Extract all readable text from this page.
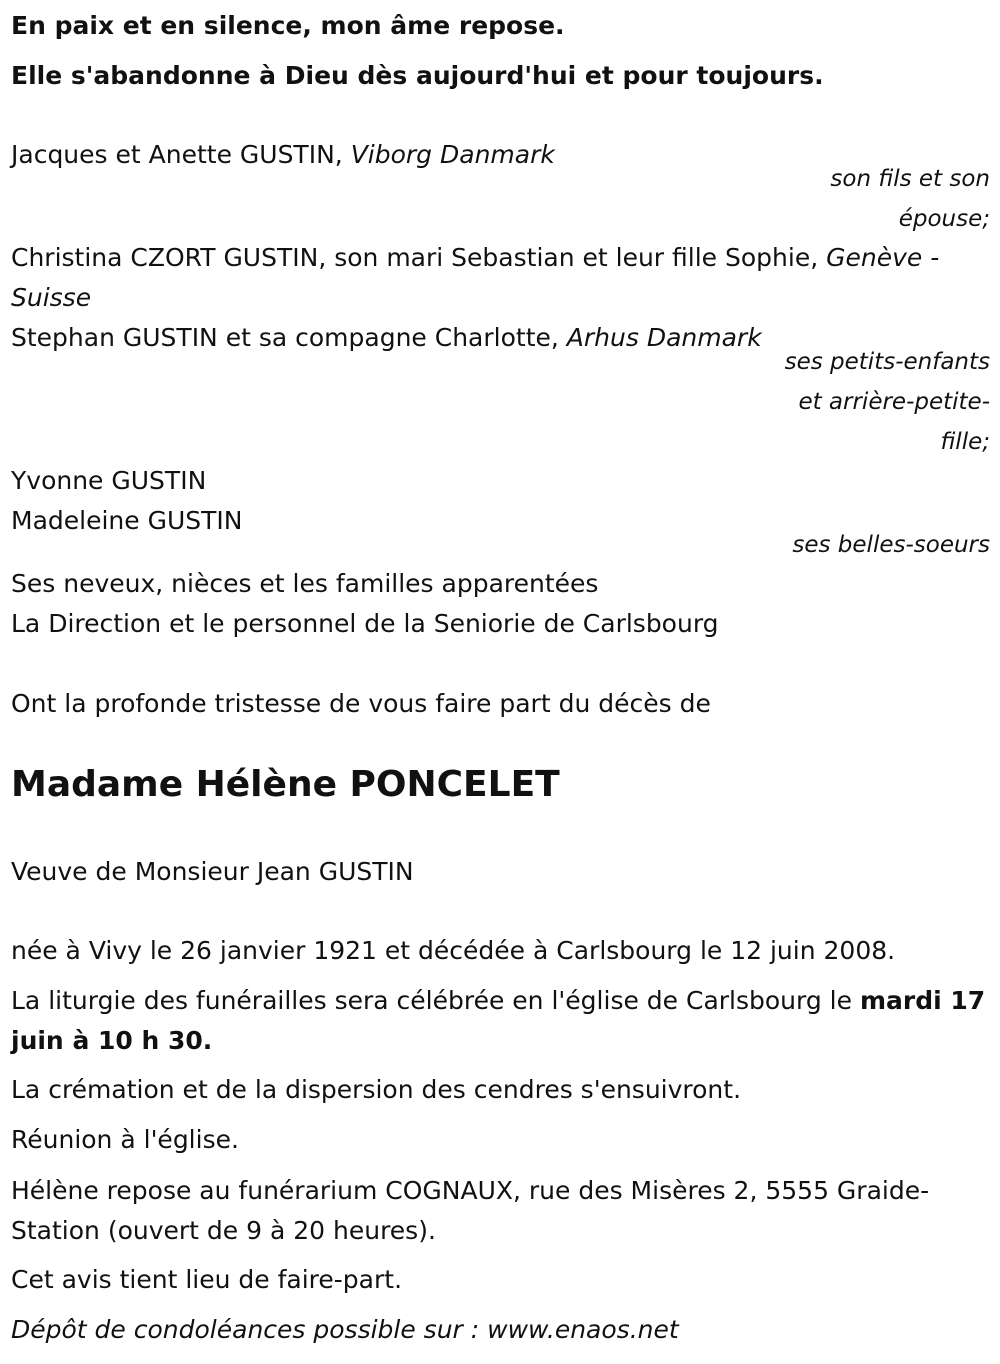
En paix et en silence, mon âme repose.
Elle s'abandonne à Dieu dès aujourd'hui et pour toujours.
Jacques et Anette GUSTIN, Viborg Danmark
son fils et son épouse;
Christina CZORT GUSTIN, son mari Sebastian et leur fille Sophie, Genève - Suisse
Stephan GUSTIN et sa compagne Charlotte, Arhus Danmark
ses petits-enfants et arrière-petite-fille;
Yvonne GUSTIN
Madeleine GUSTIN
ses belles-soeurs
Ses neveux, nièces et les familles apparentées
La Direction et le personnel de la Seniorie de Carlsbourg
Ont la profonde tristesse de vous faire part du décès de
Madame Hélène PONCELET
Veuve de Monsieur Jean GUSTIN
née à Vivy le 26 janvier 1921 et décédée à Carlsbourg le 12 juin 2008.
La liturgie des funérailles sera célébrée en l'église de Carlsbourg le mardi 17 juin à 10 h 30.
La crémation et de la dispersion des cendres s'ensuivront.
Réunion à l'église.
Hélène repose au funérarium COGNAUX, rue des Misères 2, 5555 Graide-Station (ouvert de 9 à 20 heures).
Cet avis tient lieu de faire-part.
Dépôt de condoléances possible sur : www.enaos.net
